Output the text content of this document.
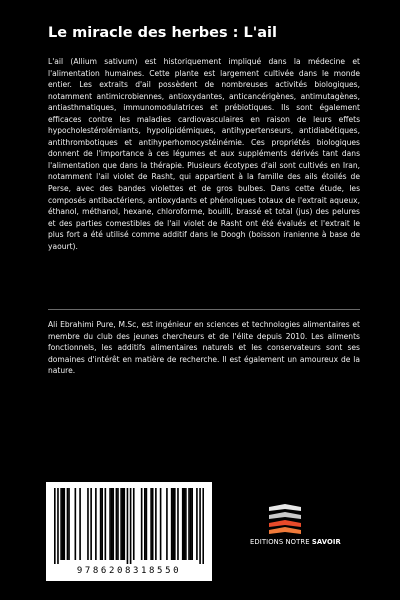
Le miracle des herbes : L'ail

L'ail (Allium sativum) est historiquement impliqué dans la médecine et l'alimentation humaines. Cette plante est largement cultivée dans le monde entier. Les extraits d'ail possèdent de nombreuses activités biologiques, notamment antimicrobiennes, antioxydantes, anticancérigènes, antimutagènes, antiasthmatiques, immunomodulatrices et prébiotiques. Ils sont également efficaces contre les maladies cardiovasculaires en raison de leurs effets hypocholestérolémiants, hypolipidémiques, antihypertenseurs, antidiabétiques, antithrombotiques et antihyperhomocystéinémie. Ces propriétés biologiques donnent de l'importance à ces légumes et aux suppléments dérivés tant dans l'alimentation que dans la thérapie. Plusieurs écotypes d'ail sont cultivés en Iran, notamment l'ail violet de Rasht, qui appartient à la famille des ails étoilés de Perse, avec des bandes violettes et de gros bulbes. Dans cette étude, les composés antibactériens, antioxydants et phénoliques totaux de l'extrait aqueux, éthanol, méthanol, hexane, chloroforme, bouilli, brassé et total (jus) des pelures et des parties comestibles de l'ail violet de Rasht ont été évalués et l'extrait le plus fort a été utilisé comme additif dans le Doogh (boisson iranienne à base de yaourt).

Ali Ebrahimi Pure, M.Sc, est ingénieur en sciences et technologies alimentaires et membre du club des jeunes chercheurs et de l'élite depuis 2010. Les aliments fonctionnels, les additifs alimentaires naturels et les conservateurs sont ses domaines d'intérêt en matière de recherche. Il est également un amoureux de la nature.

9786208318550
EDITIONS NOTRE SAVOIR
